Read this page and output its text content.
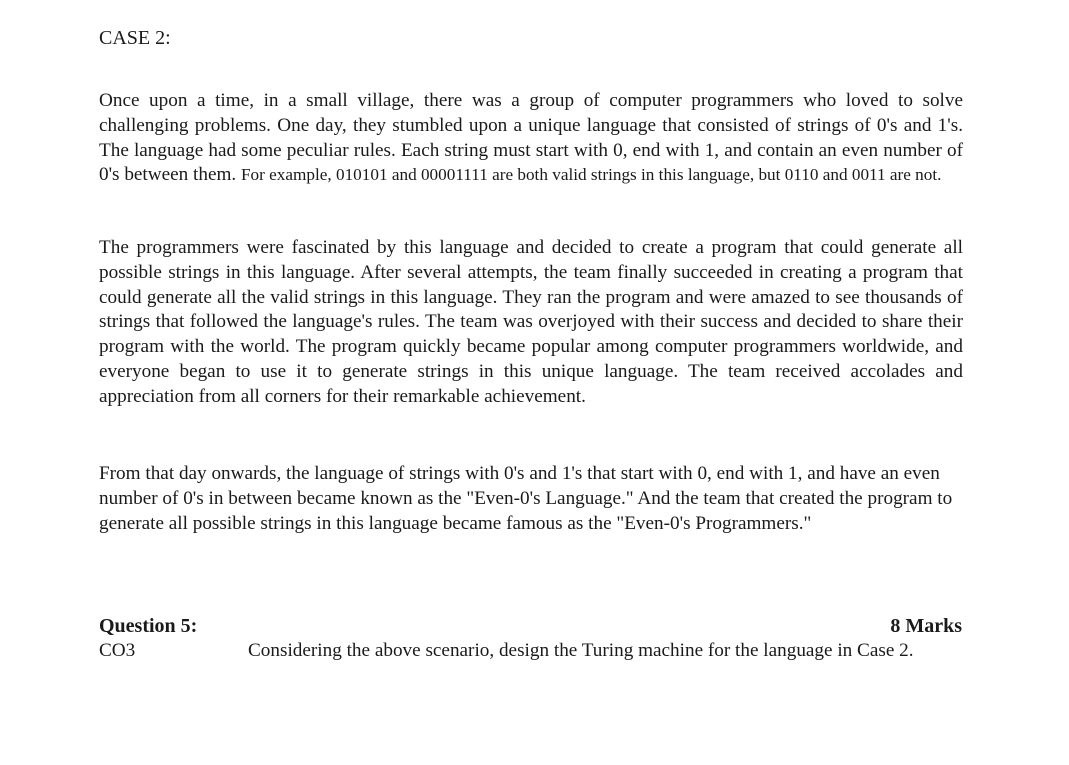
CASE 2:

Once upon a time, in a small village, there was a group of computer programmers who loved to solve challenging problems. One day, they stumbled upon a unique language that consisted of strings of 0's and 1's. The language had some peculiar rules. Each string must start with 0, end with 1, and contain an even number of 0's between them. For example, 010101 and 00001111 are both valid strings in this language, but 0110 and 0011 are not.

The programmers were fascinated by this language and decided to create a program that could generate all possible strings in this language. After several attempts, the team finally succeeded in creating a program that could generate all the valid strings in this language. They ran the program and were amazed to see thousands of strings that followed the language's rules. The team was overjoyed with their success and decided to share their program with the world. The program quickly became popular among computer programmers worldwide, and everyone began to use it to generate strings in this unique language. The team received accolades and appreciation from all corners for their remarkable achievement.

From that day onwards, the language of strings with 0's and 1's that start with 0, end with 1, and have an even number of 0's in between became known as the "Even-0's Language." And the team that created the program to generate all possible strings in this language became famous as the "Even-0's Programmers."

Question 5:
CO3
8 Marks
Considering the above scenario, design the Turing machine for the language in Case 2.
